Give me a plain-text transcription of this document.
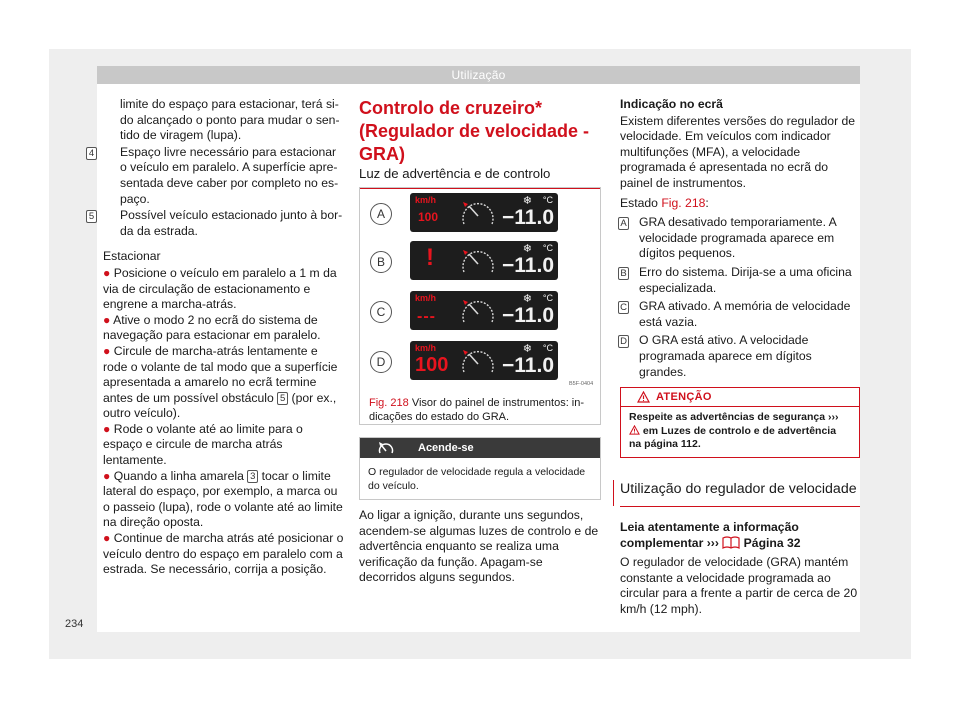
Utilização

limite do espaço para estacionar, terá sido alcançado o ponto para mudar o sentido de viragem (lupa).

4 Espaço livre necessário para estacionar o veículo em paralelo. A superfície apresentada deve caber por completo no espaço.

5 Possível veículo estacionado junto à borda da estrada.

Estacionar

● Posicione o veículo em paralelo a 1 m da via de circulação de estacionamento e engrene a marcha-atrás.

● Ative o modo 2 no ecrã do sistema de navegação para estacionar em paralelo.

● Circule de marcha-atrás lentamente e rode o volante de tal modo que a superfície apresentada a amarelo no ecrã termine antes de um possível obstáculo 5 (por ex., outro veículo).

● Rode o volante até ao limite para o espaço e circule de marcha atrás lentamente.

● Quando a linha amarela 3 tocar o limite lateral do espaço, por exemplo, a marca ou o passeio (lupa), rode o volante até ao limite na direção oposta.

● Continue de marcha atrás até posicionar o veículo dentro do espaço em paralelo com a estrada. Se necessário, corrija a posição.

Controlo de cruzeiro* (Regulador de velocidade - GRA)

Luz de advertência e de controlo

A
km/h
100
❄ °C
−11.0
B !	❄ °C
−11.0
C
km/h
---
❄ °C
−11.0
D
km/h
100
❄ °C
−11.0
B5F-0404
Fig. 218 Visor do painel de instrumentos: indicações do estado do GRA.
Acende-se
O regulador de velocidade regula a velocidade do veículo.
Ao ligar a ignição, durante uns segundos, acendem-se algumas luzes de controlo e de advertência enquanto se realiza uma verificação da função. Apagam-se decorridos alguns segundos.

Indicação no ecrã

Existem diferentes versões do regulador de velocidade. Em veículos com indicador multifunções (MFA), a velocidade programada é apresentada no ecrã do painel de instrumentos.

Estado Fig. 218:

A GRA desativado temporariamente. A velocidade programada aparece em dígitos pequenos.

B Erro do sistema. Dirija-se a uma oficina especializada.

C GRA ativado. A memória de velocidade está vazia.

D O GRA está ativo. A velocidade programada aparece em dígitos grandes.

ATENÇÃO
Respeite as advertências de segurança ›››  em Luzes de controlo e de advertência na página 112.
Utilização do regulador de velocidade

Leia atentamente a informação complementar ››› Página 32

O regulador de velocidade (GRA) mantém constante a velocidade programada ao circular para a frente a partir de cerca de 20 km/h (12 mph).

234
